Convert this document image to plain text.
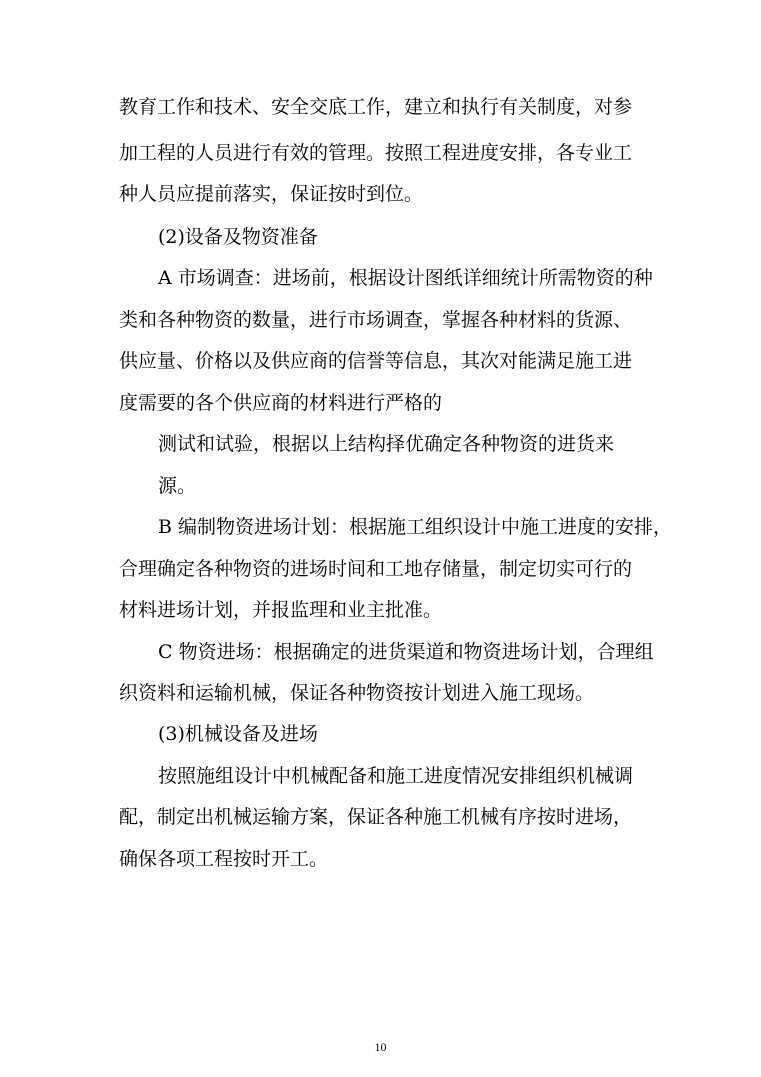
教育工作和技术、安全交底工作，建立和执行有关制度，对参
加工程的人员进行有效的管理。按照工程进度安排，各专业工
种人员应提前落实，保证按时到位。
(2)设备及物资准备
A 市场调查：进场前，根据设计图纸详细统计所需物资的种
类和各种物资的数量，进行市场调查，掌握各种材料的货源、
供应量、价格以及供应商的信誉等信息，其次对能满足施工进
度需要的各个供应商的材料进行严格的
测试和试验，根据以上结构择优确定各种物资的进货来
源。
B 编制物资进场计划：根据施工组织设计中施工进度的安排，
合理确定各种物资的进场时间和工地存储量，制定切实可行的
材料进场计划，并报监理和业主批准。
C 物资进场：根据确定的进货渠道和物资进场计划，合理组
织资料和运输机械，保证各种物资按计划进入施工现场。
(3)机械设备及进场
按照施组设计中机械配备和施工进度情况安排组织机械调
配，制定出机械运输方案，保证各种施工机械有序按时进场，
确保各项工程按时开工。
10
